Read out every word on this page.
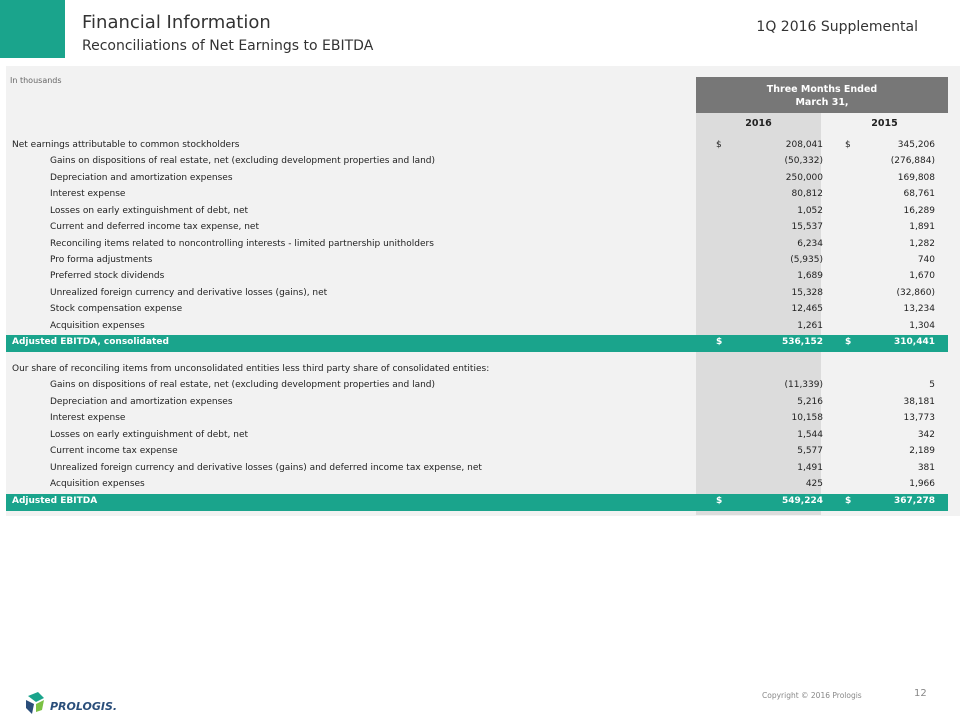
Financial Information
Reconciliations of Net Earnings to EBITDA
1Q 2016 Supplemental
In thousands
Three Months Ended
March 31,
2016	2015
Net earnings attributable to common stockholders	$	208,041 $	345,206
Gains on dispositions of real estate, net (excluding development properties and land)	(50,332)	(276,884)
Depreciation and amortization expenses	250,000	169,808
Interest expense	80,812	68,761
Losses on early extinguishment of debt, net	1,052	16,289
Current and deferred income tax expense, net	15,537	1,891
Reconciling items related to noncontrolling interests - limited partnership unitholders	6,234	1,282
Pro forma adjustments	(5,935)	740
Preferred stock dividends	1,689	1,670
Unrealized foreign currency and derivative losses (gains), net	15,328	(32,860)
Stock compensation expense	12,465	13,234
Acquisition expenses	1,261	1,304
Adjusted EBITDA, consolidated	$	536,152 $	310,441
Our share of reconciling items from unconsolidated entities less third party share of consolidated entities:
Gains on dispositions of real estate, net (excluding development properties and land)	(11,339)	5
Depreciation and amortization expenses	5,216	38,181
Interest expense	10,158	13,773
Losses on early extinguishment of debt, net	1,544	342
Current income tax expense	5,577	2,189
Unrealized foreign currency and derivative losses (gains) and deferred income tax expense, net	1,491	381
Acquisition expenses	425	1,966
Adjusted EBITDA	$	549,224 $	367,278
PROLOGIS.
Copyright © 2016 Prologis	12
